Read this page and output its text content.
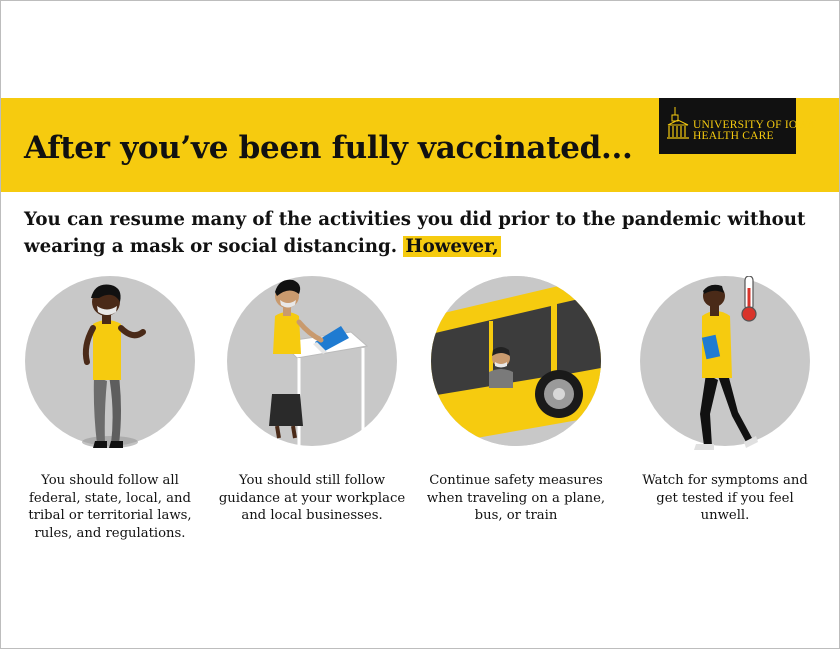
After you’ve been fully vaccinated...
UNIVERSITY OF IOWA
HEALTH CARE

You can resume many of the activities you did prior to the pandemic without wearing a mask or social distancing. However,

You should follow all federal, state, local, and tribal or territorial laws, rules, and regulations.

You should still follow guidance at your workplace and local businesses.

Continue safety measures when traveling on a plane, bus, or train

Watch for symptoms and get tested if you feel unwell.
